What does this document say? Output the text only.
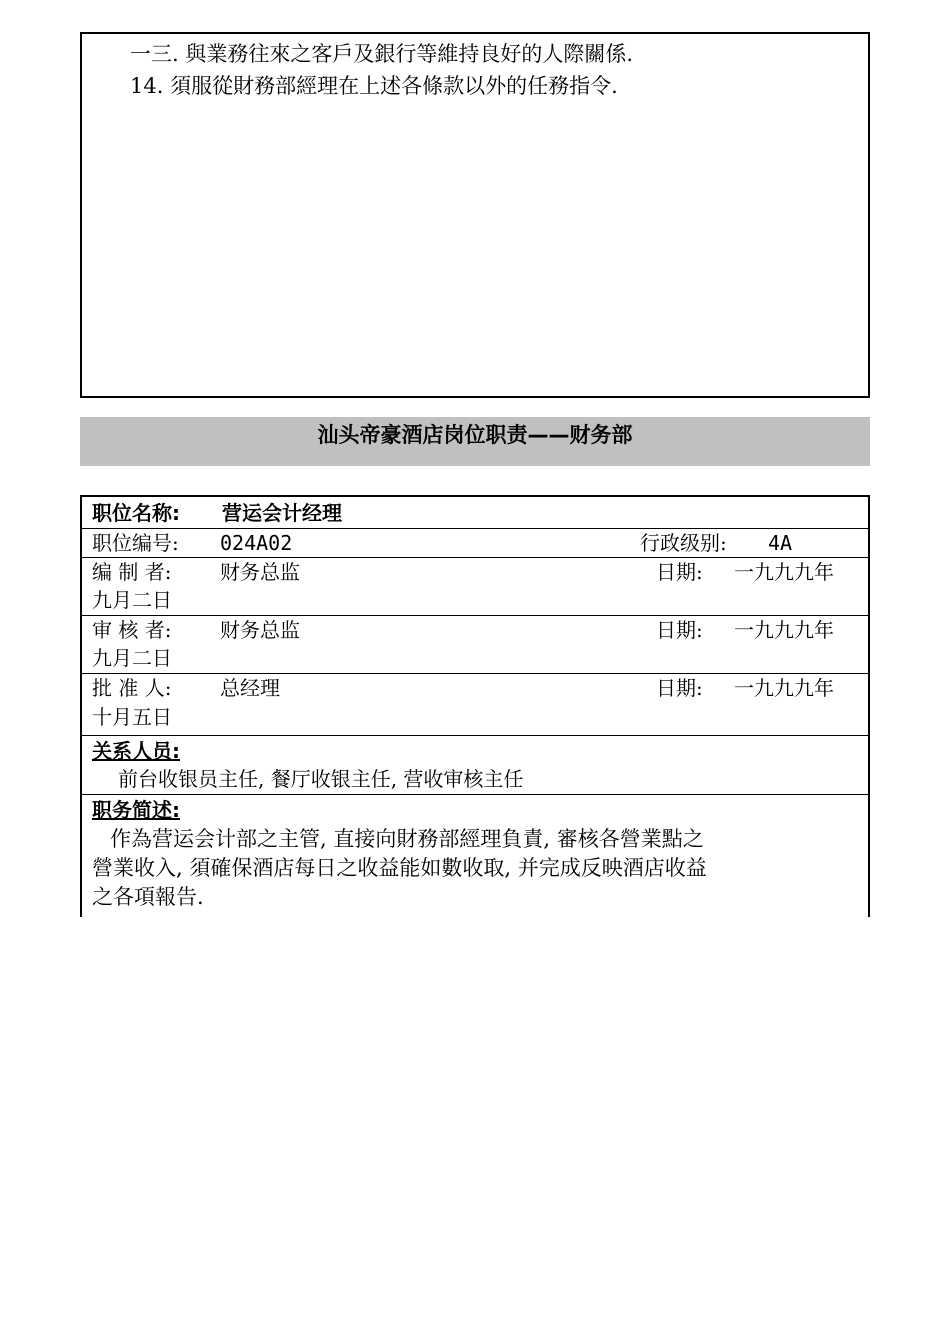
一三. 與業務往來之客戶及銀行等維持良好的人際關係.
14. 須服從財務部經理在上述各條款以外的任務指令.
汕头帝豪酒店岗位职责——财务部
职位名称: 营运会计经理
职位编号: 024A02	行政级别: 4A
编 制 者: 财务总监	日期: 一九九九年
九月二日
审 核 者: 财务总监	日期: 一九九九年
九月二日
批 准 人: 总经理	日期: 一九九九年
十月五日
关系人员:
前台收银员主任, 餐厅收银主任, 营收审核主任
职务简述:
作為营运会计部之主管, 直接向財務部經理負責, 審核各營業點之
營業收入, 須確保酒店每日之收益能如數收取, 并完成反映酒店收益
之各項報告.
